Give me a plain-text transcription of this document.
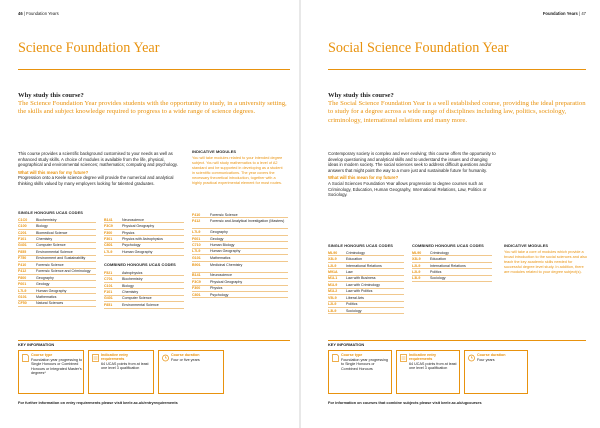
46 | Foundation Years
Science Foundation Year
Why study this course?
The Science Foundation Year provides students with the opportunity to study, in a university setting, the skills and subject knowledge required to progress to a wide range of science degrees.
This course provides a scientific background customised to your needs as well as enhanced study skills. A choice of modules is available from the life, physical, geographical and environmental sciences; mathematics; computing and psychology.
What will this mean for my future?
Progression onto a Keele science degree will provide the numerical and analytical thinking skills valued by many employers looking for talented graduates.
SINGLE HONOURS UCAS CODES
C1C0	Biochemistry
C100	Biology
C201	Biomedical Science
F101	Chemistry
G401	Computer Science
F855	Environmental Science
F750	Environment and Sustainability
F410	Forensic Science
F412	Forensic Science and Criminology
F800	Geography
F601	Geology
L7L9	Human Geography
G101	Mathematics
CF50	Natural Sciences
B141	Neuroscience
F3C9	Physical Geography
F300	Physics
F301	Physics with Astrophysics
C801	Psychology
L7L9	Human Geography
COMBINED HONOURS UCAS CODES
F521	Astrophysics
C701	Biochemistry
C101	Biology
F101	Chemistry
G401	Computer Science
F851	Environmental Science
INDICATIVE MODULES
You will take modules related to your intended degree subject. You will study mathematics to a level of A2 standard and be supported in developing as a student in scientific communications. The year covers the necessary theoretical introduction, together with a highly practical experimental element for most routes.
F410	Forensic Science
F412	Forensic and Analytical Investigation (Masters)
L7L9	Geography
F601	Geology
C710	Human Biology
L7L9	Human Geography
G101	Mathematics
B901	Medicinal Chemistry
B141	Neuroscience
F3C9	Physical Geography
F300	Physics
C801	Psychology
KEY INFORMATION
Course type
Foundation year progressing to Single Honours or Combined Honours or Integrated Master's degrees*
Indicative entry requirements
64 UCAS points from at least one level 3 qualification
Course duration
Four or five years
For further information on entry requirements please visit keele.ac.uk/entryrequirements
Foundation Years | 47
Social Science Foundation Year
Why study this course?
The Social Science Foundation Year is a well established course, providing the ideal preparation to study for a degree across a wide range of disciplines including law, politics, sociology, criminology, international relations and many more.
Contemporary society is complex and ever evolving; this course offers the opportunity to develop questioning and analytical skills and to understand the issues and changing ideas in modern society. The social sciences seek to address difficult questions and/or answers that might point the way to a more just and sustainable future for humanity.
What will this mean for my future?
A Social Sciences Foundation Year allows progression to degree courses such as Criminology, Education, Human Geography, International Relations, Law, Politics or Sociology.
SINGLE HONOURS UCAS CODES
ML90	Criminology
X3L9	Education
L2L9	International Relations
M91A	Law
M1L1	Law with Business
M1L9	Law with Criminology
M1L2	Law with Politics
V5L9	Liberal Arts
L2L9	Politics
L3L9	Sociology
COMBINED HONOURS UCAS CODES
ML90	Criminology
X3L9	Education
L2L9	International Relations
L2L9	Politics
L3L9	Sociology
INDICATIVE MODULES
You will take a core of modules which provide a broad introduction to the social sciences and also teach the key academic skills needed for successful degree level study. In addition, there are modules related to your degree subject(s).
KEY INFORMATION
Course type
Foundation year progressing to Single Honours or Combined Honours
Indicative entry requirements
64 UCAS points from at least one level 3 qualification
Course duration
Four years
For information on courses that combine subjects please visit keele.ac.uk/ugcourses
